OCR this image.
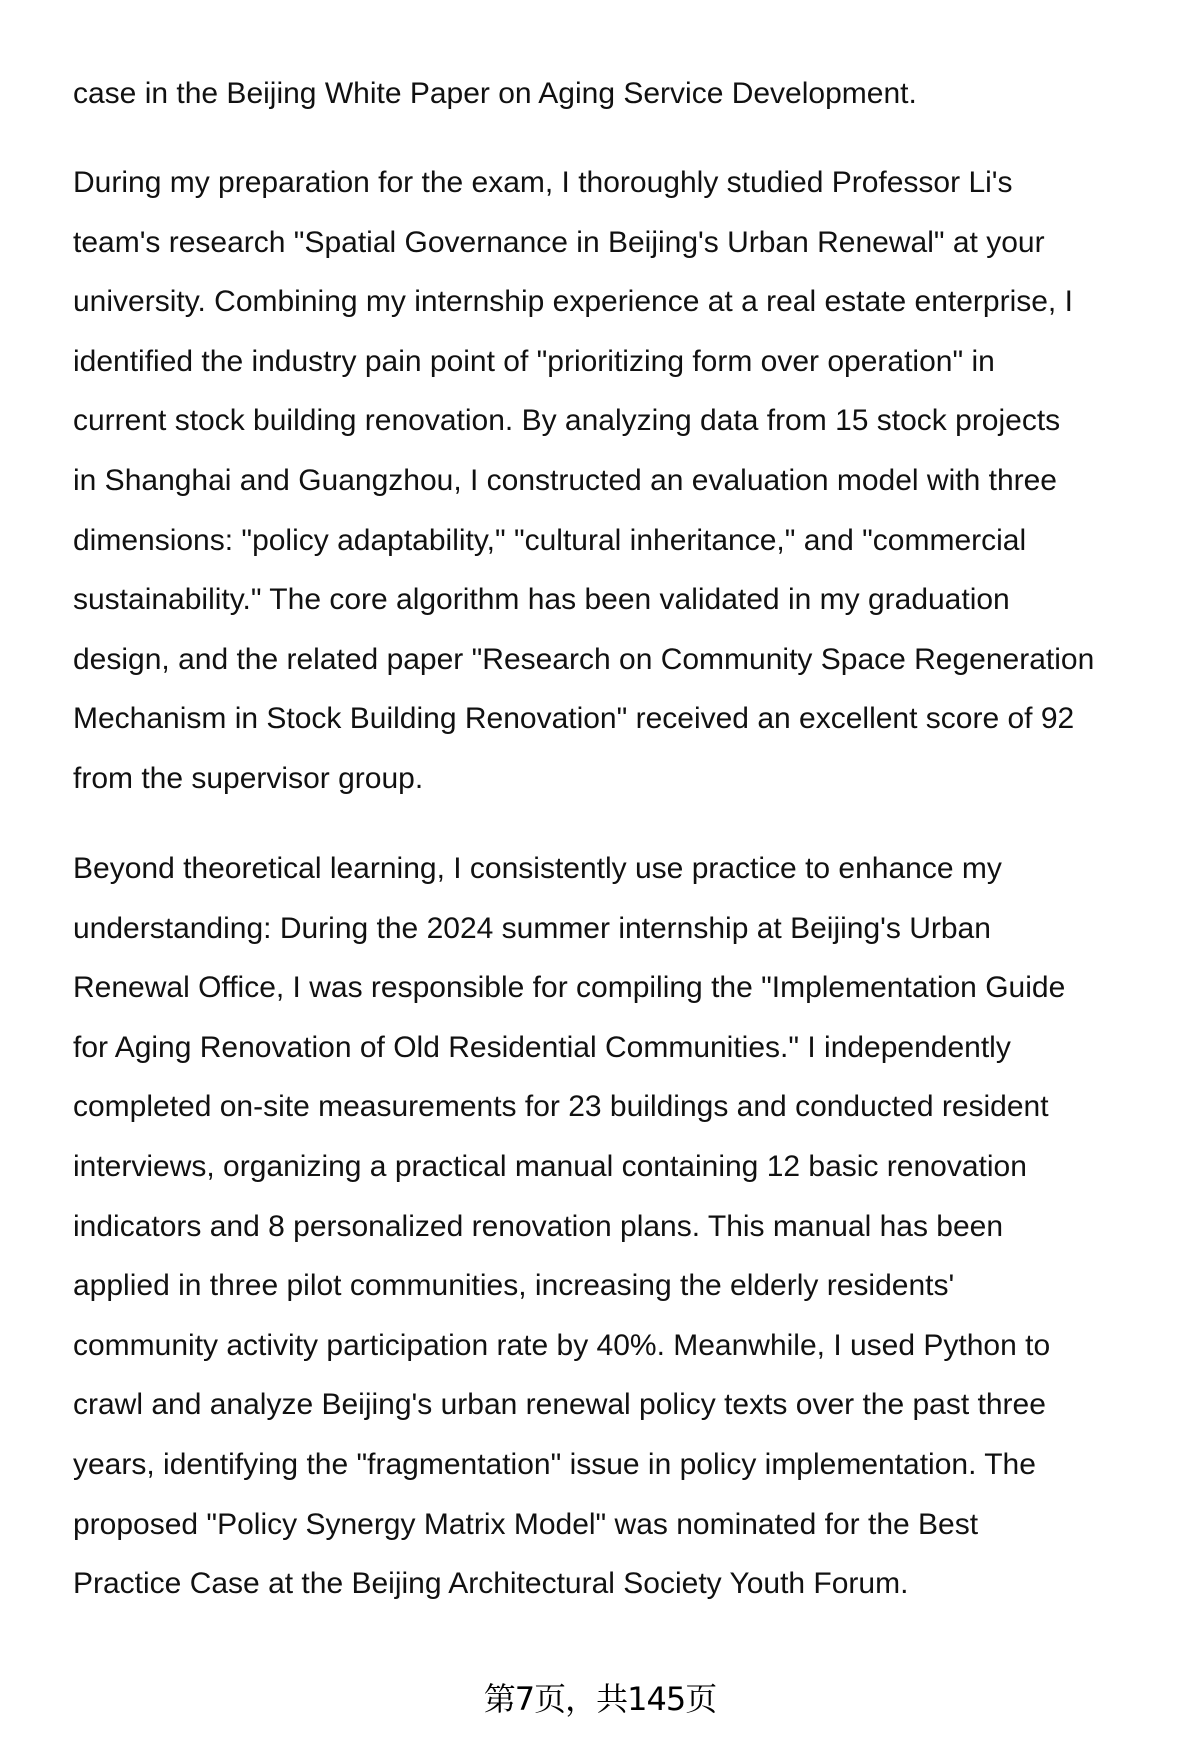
case in the Beijing White Paper on Aging Service Development.
During my preparation for the exam, I thoroughly studied Professor Li's
team's research "Spatial Governance in Beijing's Urban Renewal" at your
university. Combining my internship experience at a real estate enterprise, I
identified the industry pain point of "prioritizing form over operation" in
current stock building renovation. By analyzing data from 15 stock projects
in Shanghai and Guangzhou, I constructed an evaluation model with three
dimensions: "policy adaptability," "cultural inheritance," and "commercial
sustainability." The core algorithm has been validated in my graduation
design, and the related paper "Research on Community Space Regeneration
Mechanism in Stock Building Renovation" received an excellent score of 92
from the supervisor group.
Beyond theoretical learning, I consistently use practice to enhance my
understanding: During the 2024 summer internship at Beijing's Urban
Renewal Office, I was responsible for compiling the "Implementation Guide
for Aging Renovation of Old Residential Communities." I independently
completed on-site measurements for 23 buildings and conducted resident
interviews, organizing a practical manual containing 12 basic renovation
indicators and 8 personalized renovation plans. This manual has been
applied in three pilot communities, increasing the elderly residents'
community activity participation rate by 40%. Meanwhile, I used Python to
crawl and analyze Beijing's urban renewal policy texts over the past three
years, identifying the "fragmentation" issue in policy implementation. The
proposed "Policy Synergy Matrix Model" was nominated for the Best
Practice Case at the Beijing Architectural Society Youth Forum.
第7页，共145页
